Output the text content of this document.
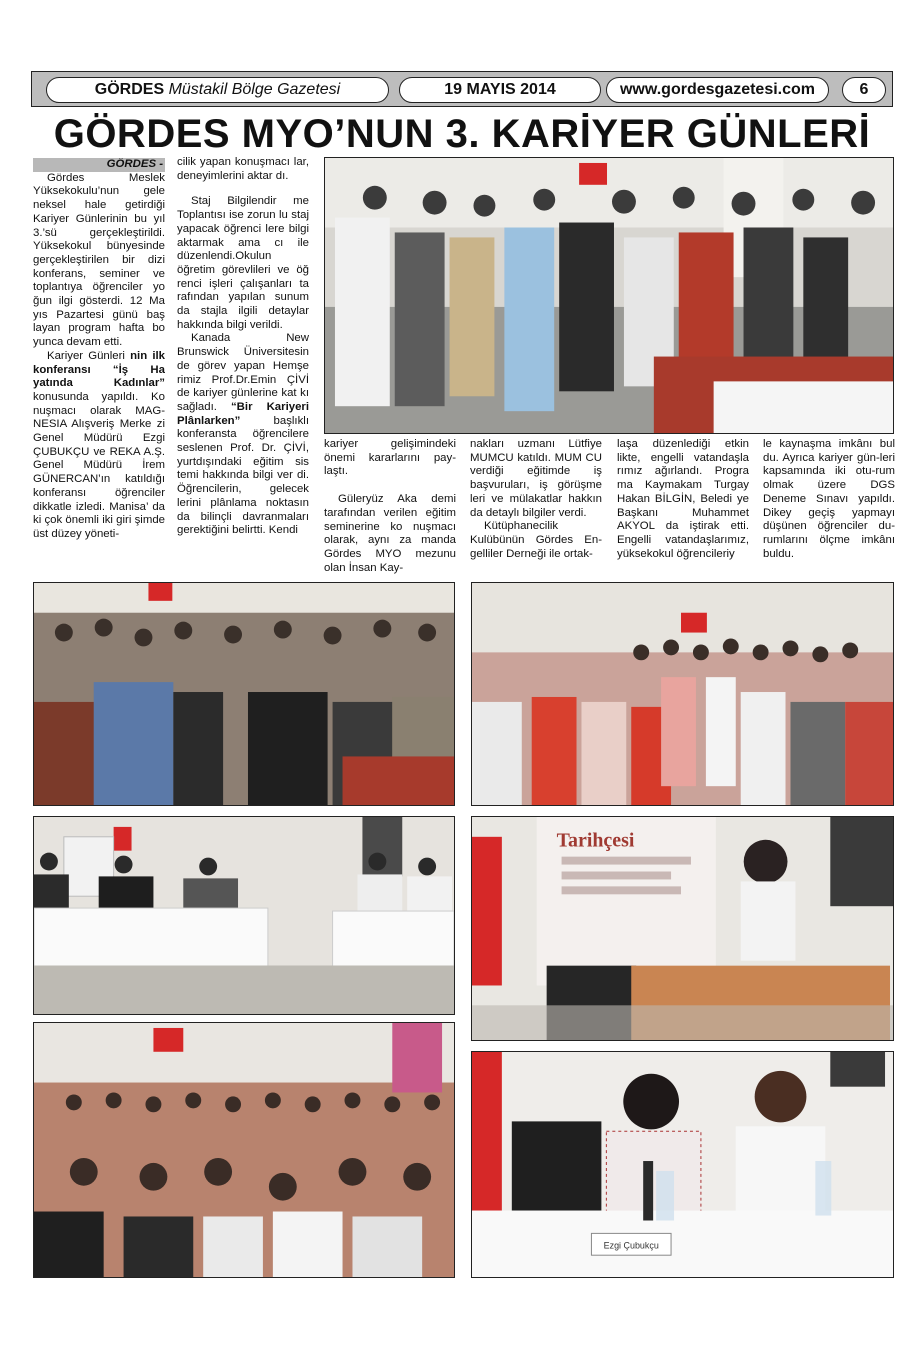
GÖRDES
Müstakil Bölge Gazetesi	19 MAYIS 2014	www.gordesgazetesi.com	6
GÖRDES MYO’NUN 3. KARİYER GÜNLERİ

GÖRDES -

Gördes Meslek Yüksekokulu’nun gele neksel hale getirdiği Kariyer Günlerinin bu yıl 3.’sü gerçekleştirildi. Yüksekokul bünyesinde gerçekleştirilen bir dizi konferans, seminer ve toplantıya öğrenciler yo ğun ilgi gösterdi. 12 Ma yıs Pazartesi günü baş layan program hafta bo yunca devam etti.

Kariyer Günleri nin ilk konferansı “İş Ha yatında Kadınlar” konusunda yapıldı. Ko nuşmacı olarak MAG-NESIA Alışveriş Merke zi Genel Müdürü Ezgi ÇUBUKÇU ve REKA A.Ş. Genel Müdürü İrem GÜNERCAN’ın katıldığı konferansı öğrenciler dikkatle izledi. Manisa’ da ki çok önemli iki giri şimde üst düzey yöneti-

cilik yapan konuşmacı lar, deneyimlerini aktar dı.

Staj Bilgilendir me Toplantısı ise zorun lu staj yapacak öğrenci lere bilgi aktarmak ama cı ile düzenlendi.Okulun öğretim görevlileri ve öğ renci işleri çalışanları ta rafından yapılan sunum da stajla ilgili detaylar hakkında bilgi verildi.

Kanada New Brunswick Üniversitesin de görev yapan Hemşe rimiz Prof.Dr.Emin ÇİVİ de kariyer günlerine kat kı sağladı. “Bir Kariyeri Plânlarken” başlıklı konferansta öğrencilere seslenen Prof. Dr. ÇİVİ, yurtdışındaki eğitim sis temi hakkında bilgi ver di. Öğrencilerin, gelecek lerini plânlama noktasın da bilinçli davranmaları gerektiğini belirtti. Kendi

kariyer gelişimindeki önemi kararlarını pay-laştı.

Güleryüz Aka demi tarafından verilen eğitim seminerine ko nuşmacı olarak, aynı za manda Gördes MYO mezunu olan İnsan Kay-

nakları uzmanı Lütfiye MUMCU katıldı. MUM CU verdiği eğitimde iş başvuruları, iş görüşme leri ve mülakatlar hakkın da detaylı bilgiler verdi.

Kütüphanecilik Kulübünün Gördes En-gelliler Derneği ile ortak-

laşa düzenlediği etkin likte, engelli vatandaşla rımız ağırlandı. Progra ma Kaymakam Turgay Hakan BİLGİN, Beledi ye Başkanı Muhammet AKYOL da iştirak etti. Engelli vatandaşlarımız, yüksekokul öğrencileriy

le kaynaşma imkânı bul du. Ayrıca kariyer gün-leri kapsamında iki otu-rum olmak üzere DGS Deneme Sınavı yapıldı. Dikey geçiş yapmayı düşünen öğrenciler du-rumlarını ölçme imkânı buldu.

Tarihçesi
Ezgi Çubukçu
